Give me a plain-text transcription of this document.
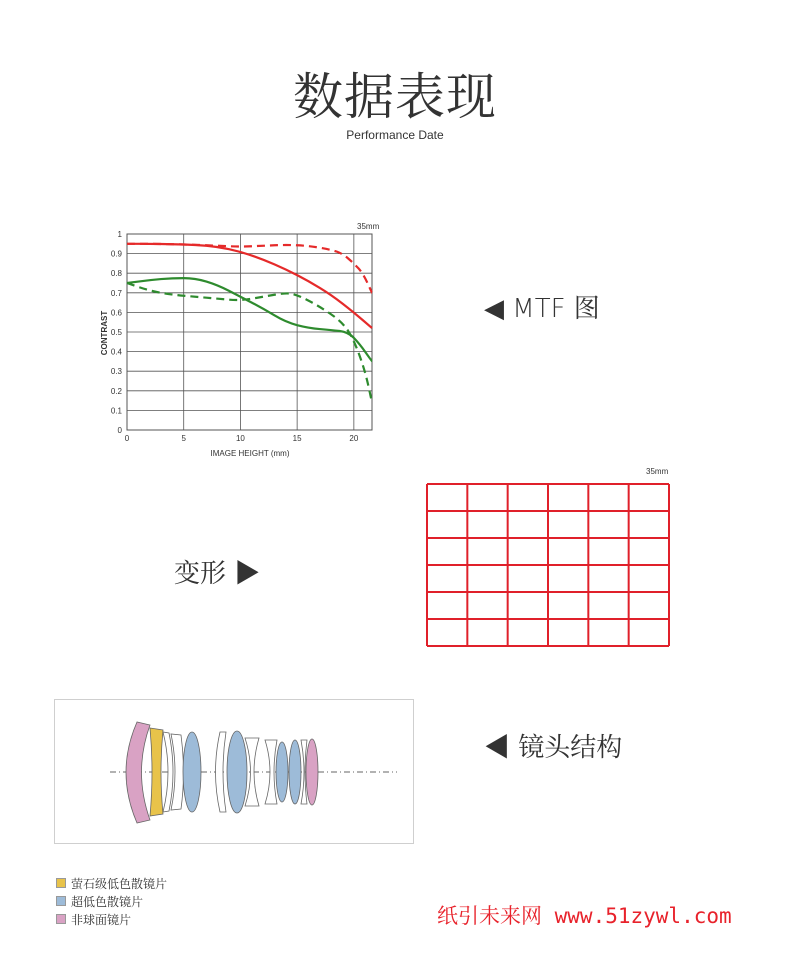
数据表现
Performance Date
0
0.1
0.2
0.3
0.4
0.5
0.6
0.7
0.8
0.9
1
0	5	10	15	20
35mm
IMAGE HEIGHT (mm)
CONTRAST
◀ MTF 图
35mm
变形 ▶
◀ 镜头结构
萤石级低色散镜片
超低色散镜片
非球面镜片	纸引未来网 www.51zywl.com
